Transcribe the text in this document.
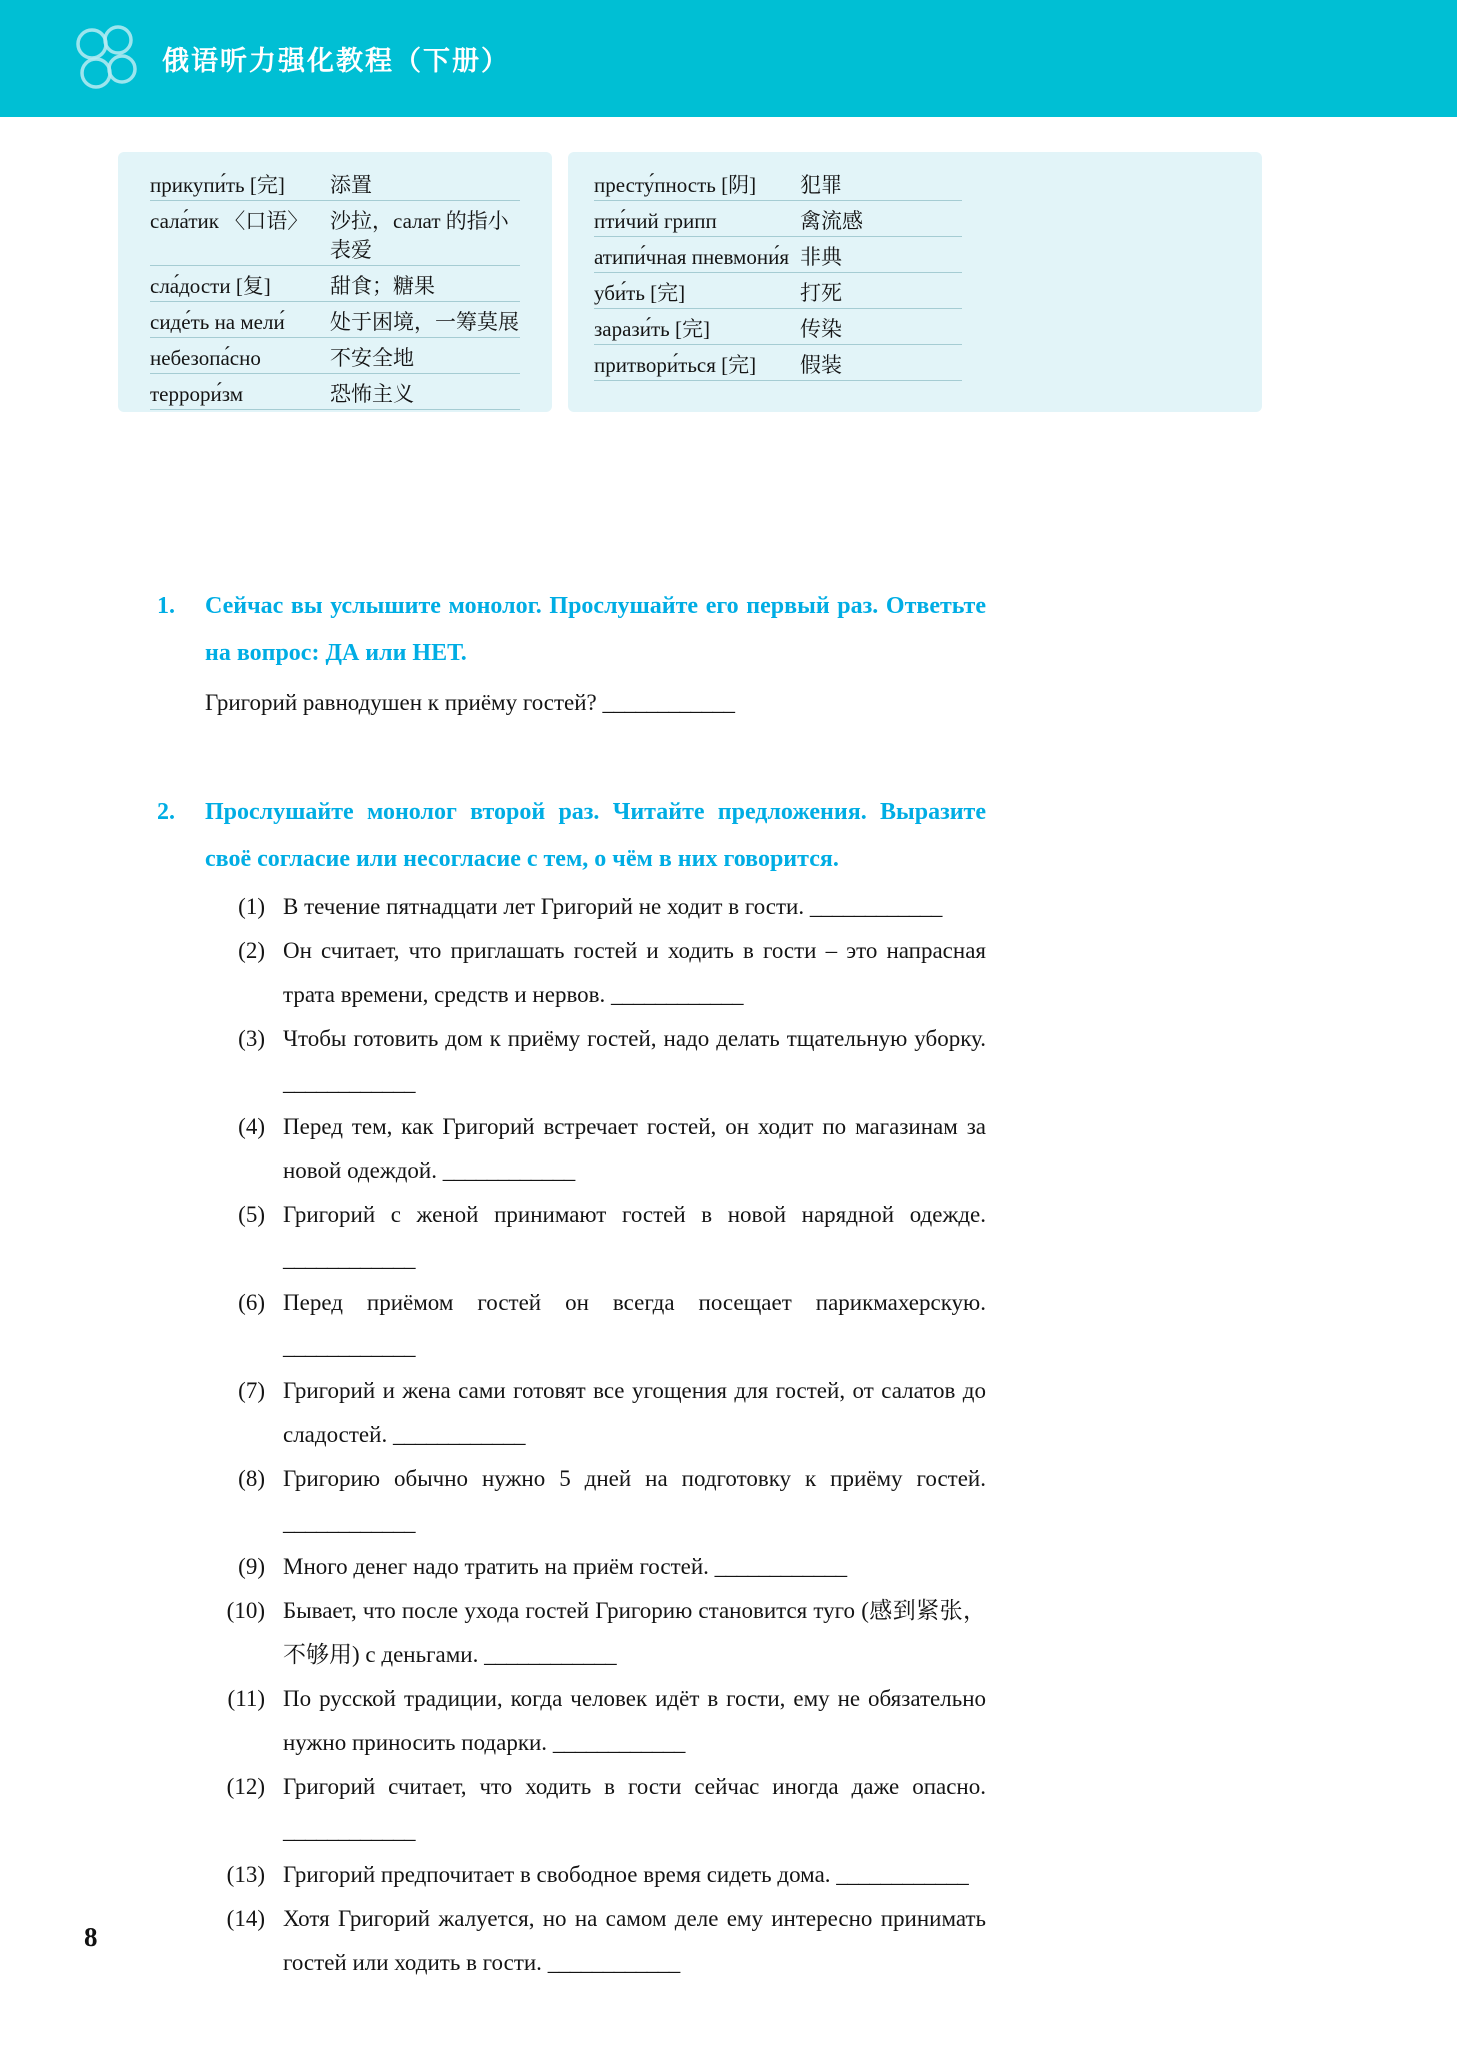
俄语听力强化教程（下册）
прикупи́ть [完]	添置
сала́тик 〈口语〉	沙拉，салат 的指小表爱
сла́дости [复]	甜食；糖果
сиде́ть на мели́	处于困境，一筹莫展
небезопа́сно	不安全地
террори́зм	恐怖主义
престу́пность [阴]	犯罪
пти́чий грипп	禽流感
атипи́чная пневмони́я 非典
уби́ть [完]	打死
зарази́ть [完]	传染
притвори́ться [完]	假装
1.	Сейчас вы услышите монолог. Прослушайте его первый раз. Ответьте на вопрос: ДА или НЕТ.

Григорий равнодушен к приёму гостей? ____________

2.	Прослушайте монолог второй раз. Читайте предложения. Выразите своё согласие или несогласие с тем, о чём в них говорится.
(1) В течение пятнадцати лет Григорий не ходит в гости. ____________

(2) Он считает, что приглашать гостей и ходить в гости – это напрасная трата времени, средств и нервов. ____________

(3) Чтобы готовить дом к приёму гостей, надо делать тщательную уборку. ____________

(4) Перед тем, как Григорий встречает гостей, он ходит по магазинам за новой одеждой. ____________

(5) Григорий с женой принимают гостей в новой нарядной одежде. ____________

(6) Перед приёмом гостей он всегда посещает парикмахерскую. ____________

(7) Григорий и жена сами готовят все угощения для гостей, от салатов до сладостей. ____________

(8) Григорию обычно нужно 5 дней на подготовку к приёму гостей. ____________

(9) Много денег надо тратить на приём гостей. ____________

(10) Бывает, что после ухода гостей Григорию становится туго (感到紧张，不够用) с деньгами. ____________

(11) По русской традиции, когда человек идёт в гости, ему не обязательно нужно приносить подарки. ____________

(12) Григорий считает, что ходить в гости сейчас иногда даже опасно. ____________

(13) Григорий предпочитает в свободное время сидеть дома. ____________

(14) Хотя Григорий жалуется, но на самом деле ему интересно принимать гостей или ходить в гости. ____________

8
